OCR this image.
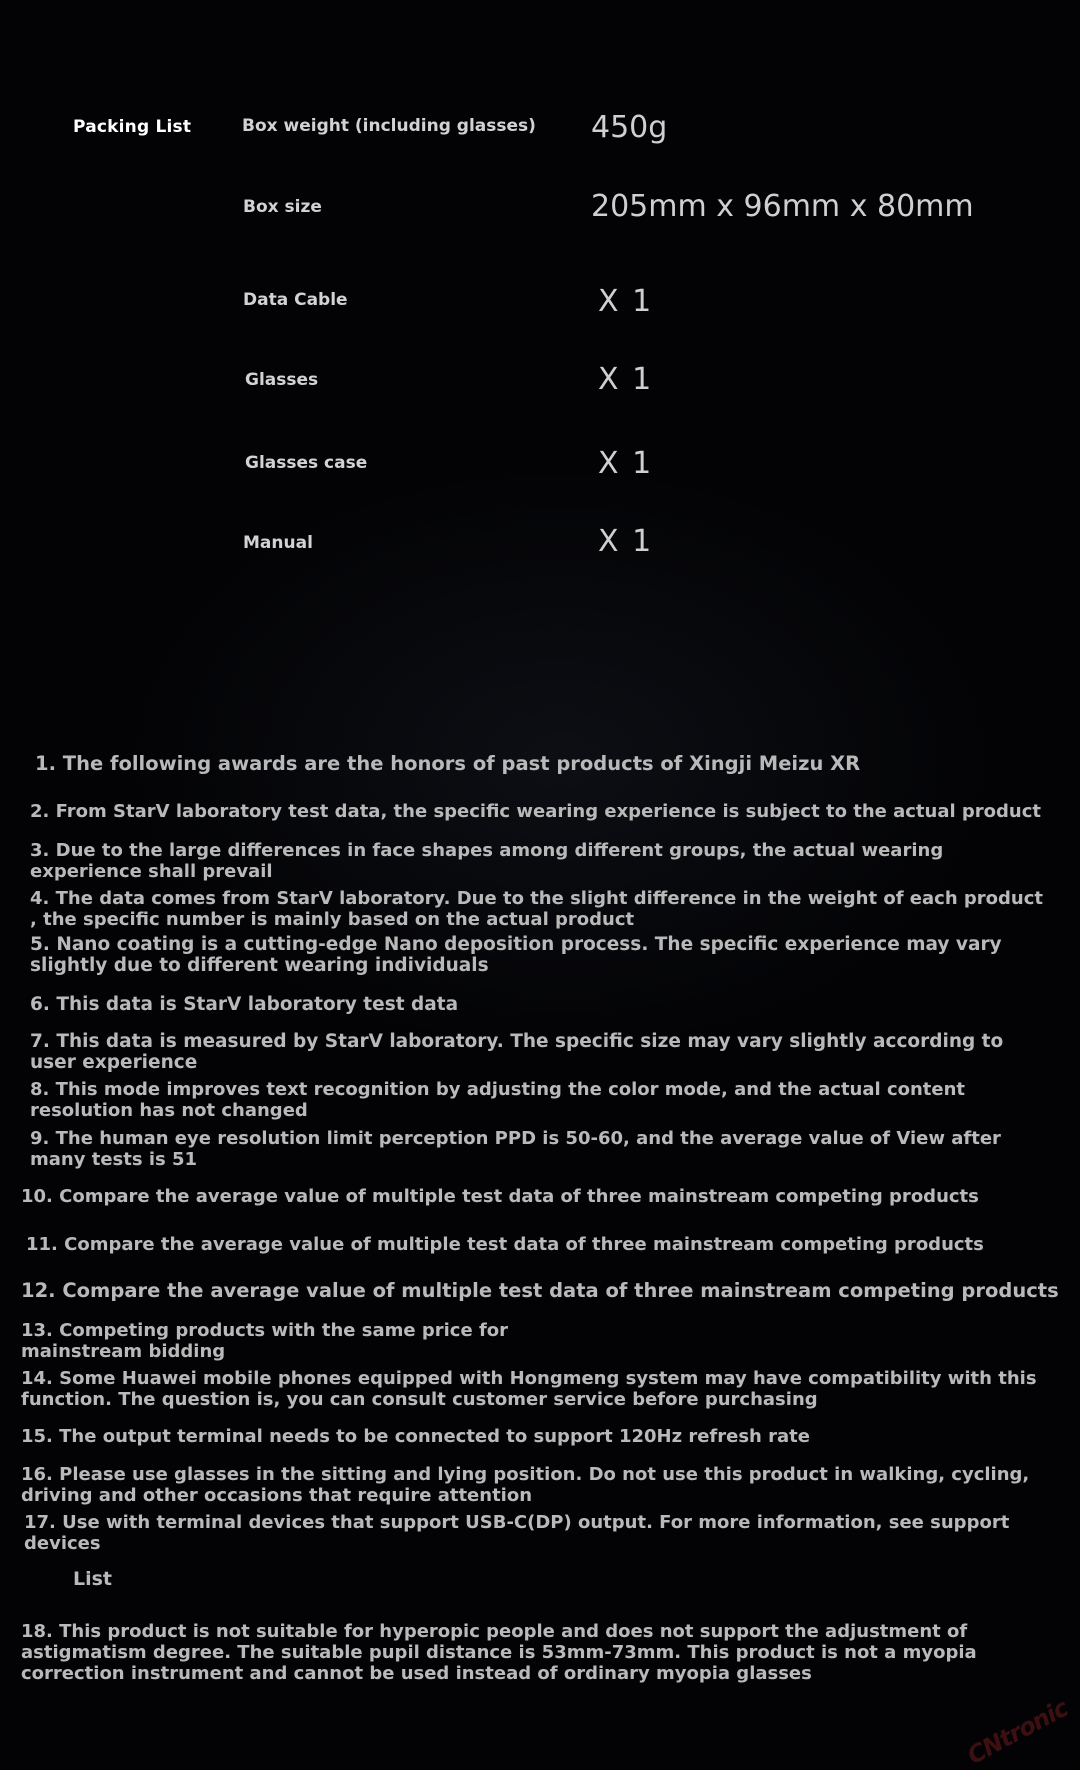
Packing List	Box weight (including glasses) 450g
Box size	205mm x 96mm x 80mm
Data Cable	X 1
Glasses	X 1
Glasses case	X 1
Manual	X 1
1. The following awards are the honors of past products of Xingji Meizu XR
2. From StarV laboratory test data, the specific wearing experience is subject to the actual product
3. Due to the large differences in face shapes among different groups, the actual wearing
experience shall prevail
4. The data comes from StarV laboratory. Due to the slight difference in the weight of each product
, the specific number is mainly based on the actual product
5. Nano coating is a cutting-edge Nano deposition process. The specific experience may vary
slightly due to different wearing individuals
6. This data is StarV laboratory test data
7. This data is measured by StarV laboratory. The specific size may vary slightly according to
user experience
8. This mode improves text recognition by adjusting the color mode, and the actual content
resolution has not changed
9. The human eye resolution limit perception PPD is 50-60, and the average value of View after
many tests is 51
10. Compare the average value of multiple test data of three mainstream competing products
11. Compare the average value of multiple test data of three mainstream competing products
12. Compare the average value of multiple test data of three mainstream competing products
13. Competing products with the same price for
mainstream bidding
14. Some Huawei mobile phones equipped with Hongmeng system may have compatibility with this
function. The question is, you can consult customer service before purchasing
15. The output terminal needs to be connected to support 120Hz refresh rate
16. Please use glasses in the sitting and lying position. Do not use this product in walking, cycling,
driving and other occasions that require attention
17. Use with terminal devices that support USB-C(DP) output. For more information, see support
devices
List
18. This product is not suitable for hyperopic people and does not support the adjustment of
astigmatism degree. The suitable pupil distance is 53mm-73mm. This product is not a myopia
correction instrument and cannot be used instead of ordinary myopia glasses
CNtronic
